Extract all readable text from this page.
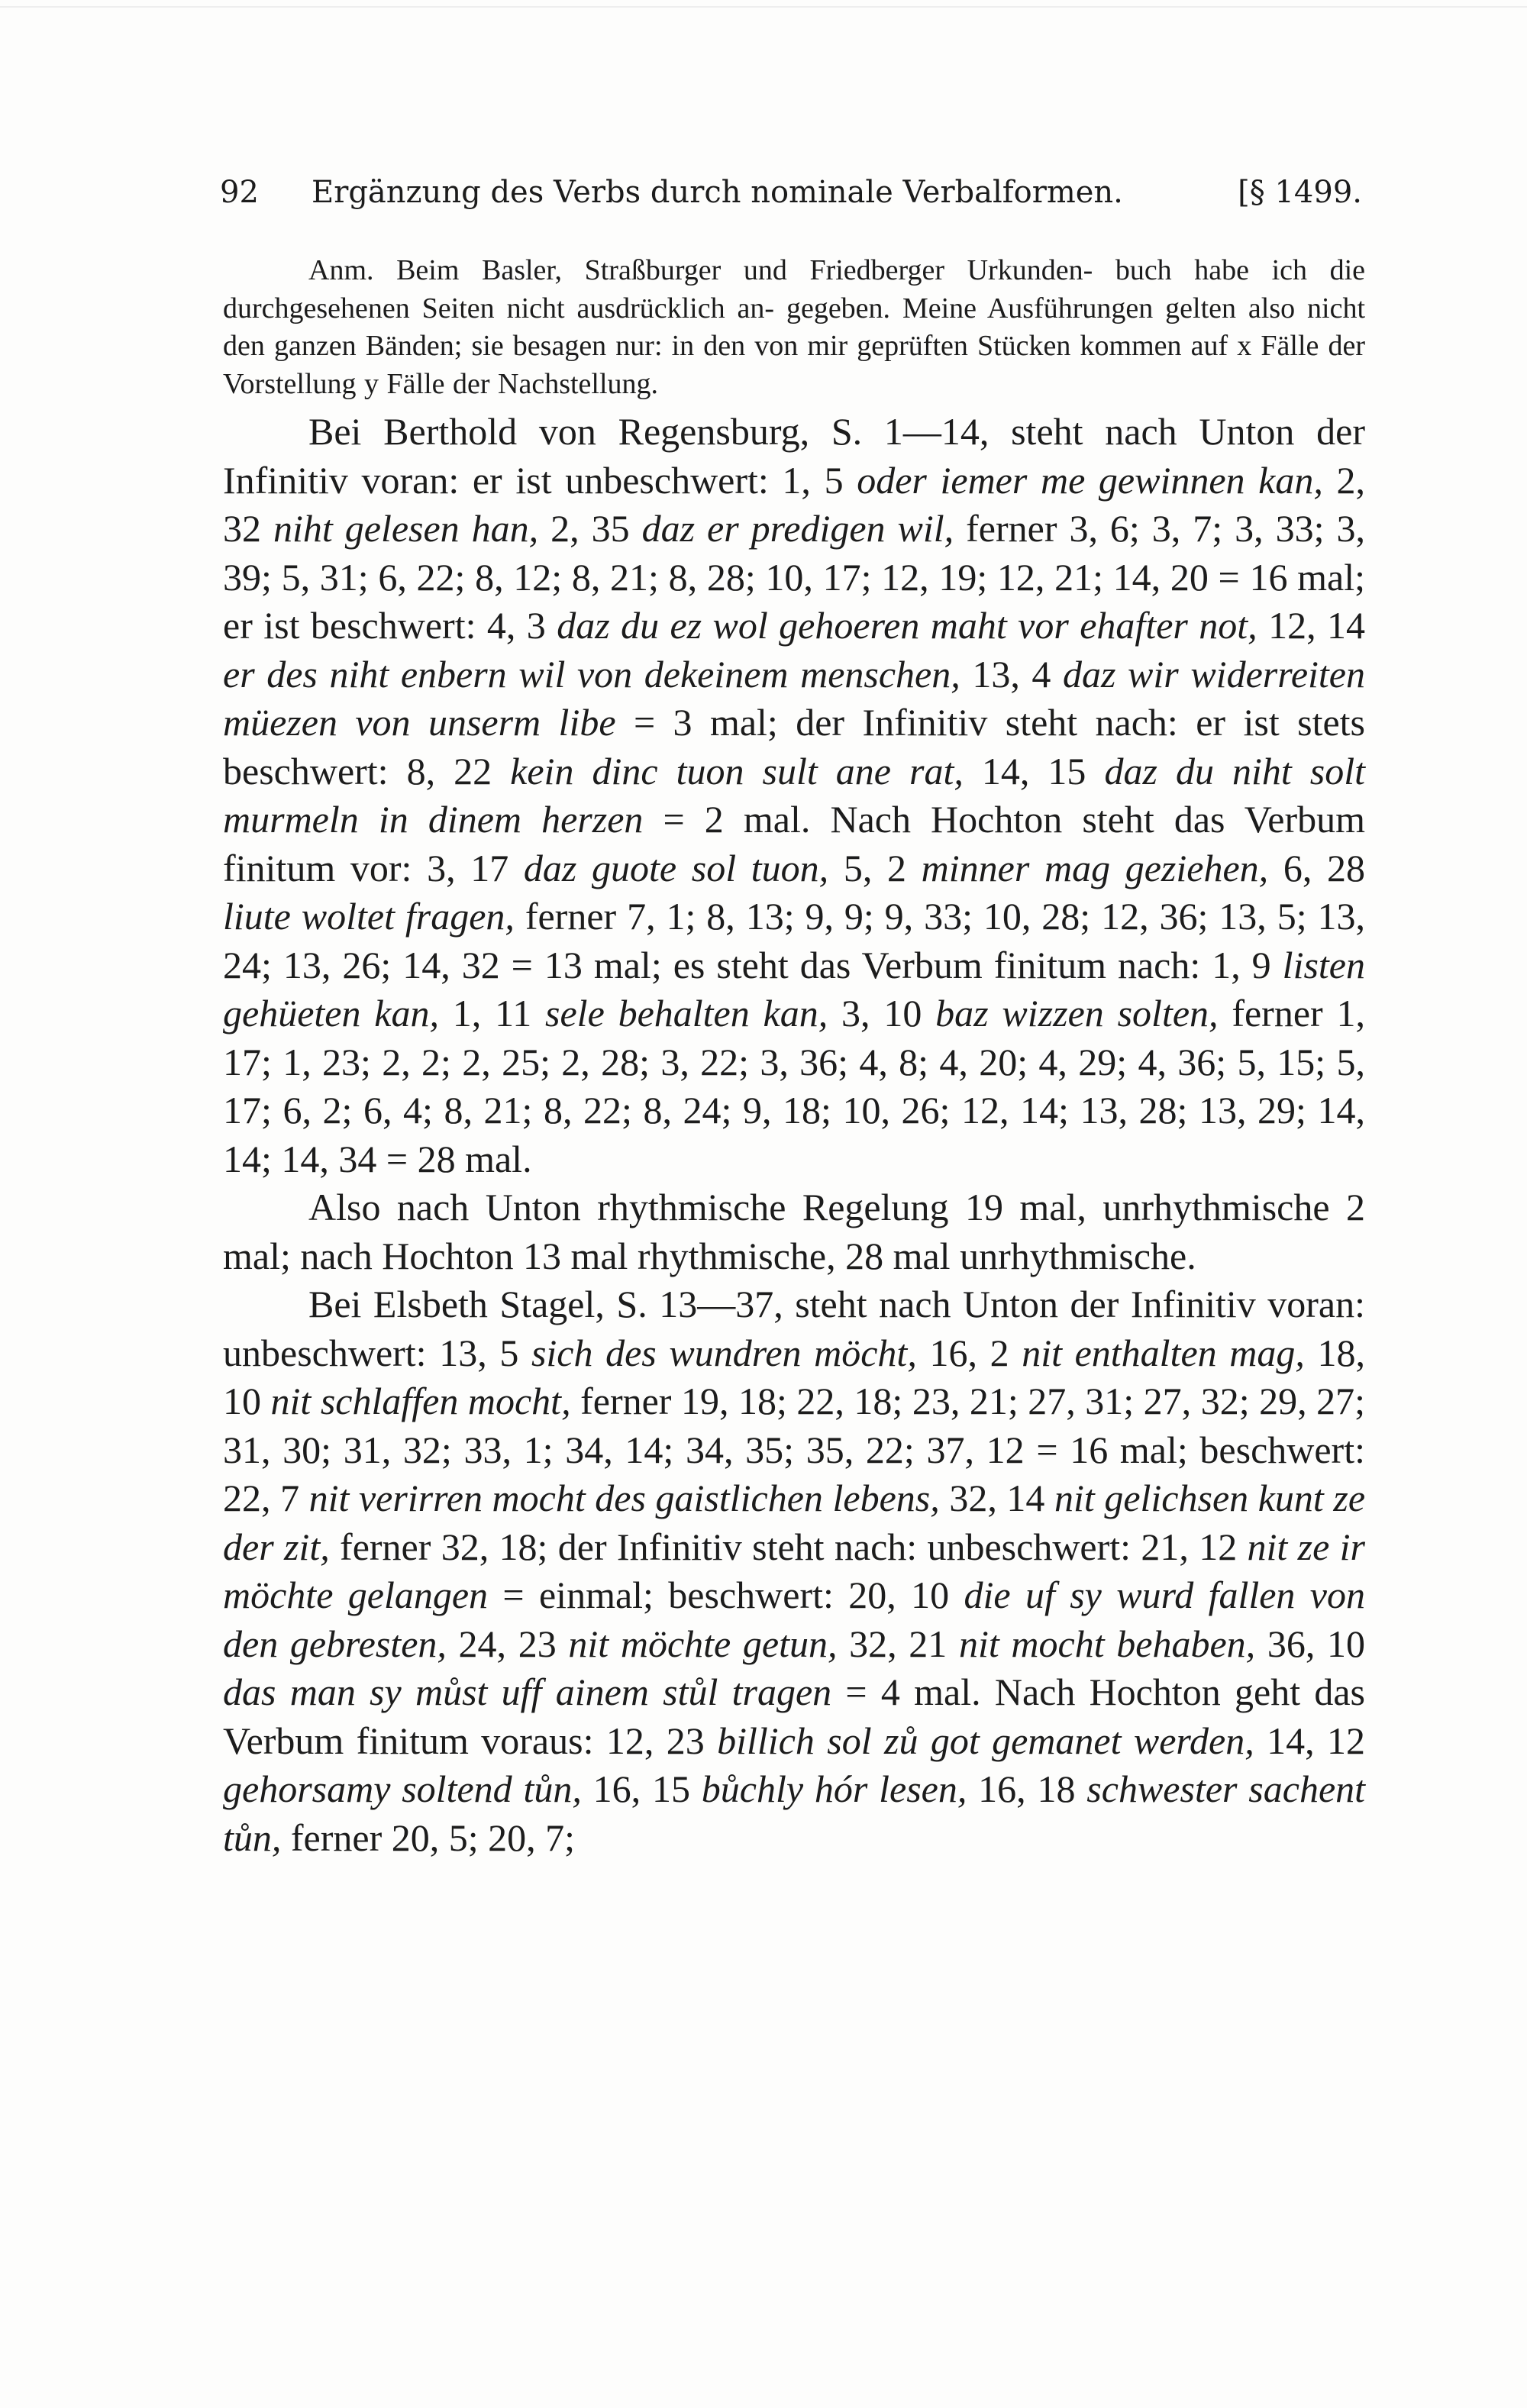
92 Ergänzung des Verbs durch nominale Verbalformen.	[§ 1499.

Anm. Beim Basler, Straßburger und Friedberger Urkunden- buch habe ich die durchgesehenen Seiten nicht ausdrücklich an- gegeben. Meine Ausführungen gelten also nicht den ganzen Bänden; sie besagen nur: in den von mir geprüften Stücken kommen auf x Fälle der Vorstellung y Fälle der Nachstellung.

Bei Berthold von Regensburg, S. 1—14, steht nach Unton der Infinitiv voran: er ist unbeschwert: 1, 5 oder iemer me gewinnen kan, 2, 32 niht gelesen han, 2, 35 daz er predigen wil, ferner 3, 6; 3, 7; 3, 33; 3, 39; 5, 31; 6, 22; 8, 12; 8, 21; 8, 28; 10, 17; 12, 19; 12, 21; 14, 20 = 16 mal; er ist beschwert: 4, 3 daz du ez wol gehoeren maht vor ehafter not, 12, 14 er des niht enbern wil von dekeinem menschen, 13, 4 daz wir widerreiten müezen von unserm libe = 3 mal; der Infinitiv steht nach: er ist stets beschwert: 8, 22 kein dinc tuon sult ane rat, 14, 15 daz du niht solt murmeln in dinem herzen = 2 mal. Nach Hochton steht das Verbum finitum vor: 3, 17 daz guote sol tuon, 5, 2 minner mag geziehen, 6, 28 liute woltet fragen, ferner 7, 1; 8, 13; 9, 9; 9, 33; 10, 28; 12, 36; 13, 5; 13, 24; 13, 26; 14, 32 = 13 mal; es steht das Verbum finitum nach: 1, 9 listen gehüeten kan, 1, 11 sele behalten kan, 3, 10 baz wizzen solten, ferner 1, 17; 1, 23; 2, 2; 2, 25; 2, 28; 3, 22; 3, 36; 4, 8; 4, 20; 4, 29; 4, 36; 5, 15; 5, 17; 6, 2; 6, 4; 8, 21; 8, 22; 8, 24; 9, 18; 10, 26; 12, 14; 13, 28; 13, 29; 14, 14; 14, 34 = 28 mal.

Also nach Unton rhythmische Regelung 19 mal, unrhythmische 2 mal; nach Hochton 13 mal rhythmische, 28 mal unrhythmische.

Bei Elsbeth Stagel, S. 13—37, steht nach Unton der Infinitiv voran: unbeschwert: 13, 5 sich des wundren möcht, 16, 2 nit enthalten mag, 18, 10 nit schlaffen mocht, ferner 19, 18; 22, 18; 23, 21; 27, 31; 27, 32; 29, 27; 31, 30; 31, 32; 33, 1; 34, 14; 34, 35; 35, 22; 37, 12 = 16 mal; beschwert: 22, 7 nit verirren mocht des gaistlichen lebens, 32, 14 nit gelichsen kunt ze der zit, ferner 32, 18; der Infinitiv steht nach: unbeschwert: 21, 12 nit ze ir möchte gelangen = einmal; beschwert: 20, 10 die uf sy wurd fallen von den gebresten, 24, 23 nit möchte getun, 32, 21 nit mocht behaben, 36, 10 das man sy můst uff ainem stůl tragen = 4 mal. Nach Hochton geht das Verbum finitum voraus: 12, 23 billich sol zů got gemanet werden, 14, 12 gehorsamy soltend tůn, 16, 15 bůchly hór lesen, 16, 18 schwester sachent tůn, ferner 20, 5; 20, 7;
